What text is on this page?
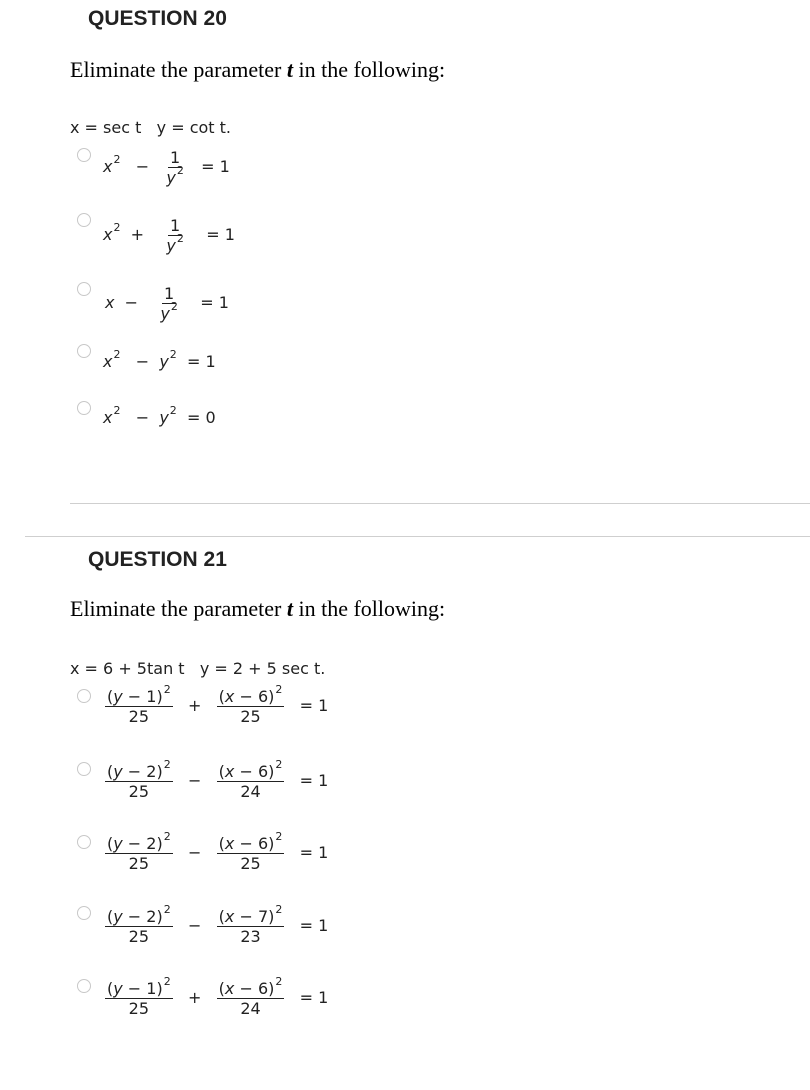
QUESTION 20
Eliminate the parameter t in the following:
x = sec t   y = cot t.
$x^2 - \frac{1}{y^2} = 1$
$x^2 + \frac{1}{y^2} = 1$
$x - \frac{1}{y^2} = 1$
$x^2 - y^2 = 1$
$x^2 - y^2 = 0$
QUESTION 21
Eliminate the parameter t in the following:
x = 6 + 5tan t   y = 2 + 5 sec t.
$\frac{(y - 1)^2}{25} + \frac{(x - 6)^2}{25} = 1$
$\frac{(y - 2)^2}{25} - \frac{(x - 6)^2}{24} = 1$
$\frac{(y - 2)^2}{25} - \frac{(x - 6)^2}{25} = 1$
$\frac{(y - 2)^2}{25} - \frac{(x - 7)^2}{23} = 1$
$\frac{(y - 1)^2}{25} + \frac{(x - 6)^2}{24} = 1$
